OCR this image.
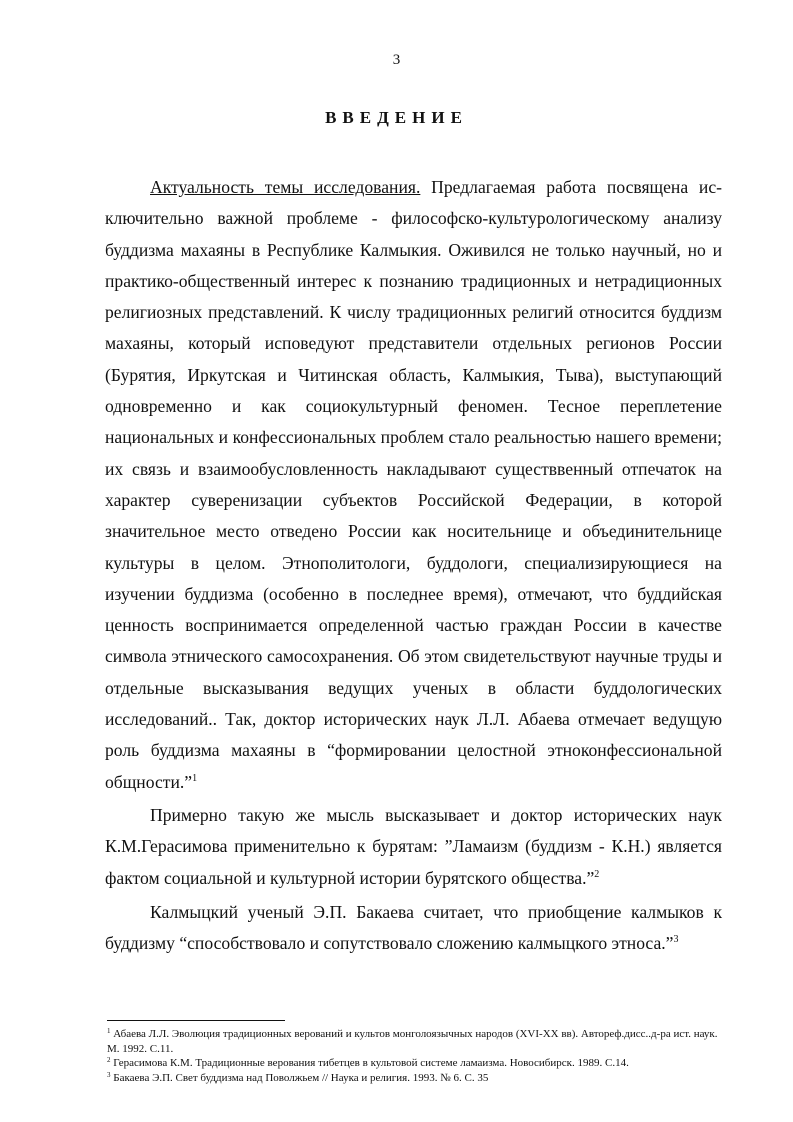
3
ВВЕДЕНИЕ

Актуальность темы исследования. Предлагаемая работа посвящена исключительно важной проблеме - философско-культурологическому анализу буддизма махаяны в Республике Калмыкия. Оживился не только научный, но и практико-общественный интерес к познанию традиционных и нетрадиционных религиозных представлений. К числу традиционных религий относится буддизм махаяны, который исповедуют представители отдельных регионов России (Бурятия, Иркутская и Читинская область, Калмыкия, Тыва), выступающий одновременно и как социокультурный феномен. Тесное переплетение национальных и конфессиональных проблем стало реальностью нашего времени; их связь и взаимообусловленность накладывают существвенный отпечаток на характер суверенизации субъектов Российской Федерации, в которой значительное место отведено России как носительнице и объединительнице культуры в целом. Этнополитологи, буддологи, специализирующиеся на изучении буддизма (особенно в последнее время), отмечают, что буддийская ценность воспринимается определенной частью граждан России в качестве символа этнического самосохранения. Об этом свидетельствуют научные труды и отдельные высказывания ведущих ученых в области буддологических исследований.. Так, доктор исторических наук Л.Л. Абаева отмечает ведущую роль буддизма махаяны в “формировании целостной этноконфессиональной общности.”$^1$

Примерно такую же мысль высказывает и доктор исторических наук К.М.Герасимова применительно к бурятам: ”Ламаизм (буддизм - К.Н.) является фактом социальной и культурной истории бурятского общества.”$^2$

Калмыцкий ученый Э.П. Бакаева считает, что приобщение калмыков к буддизму “способствовало и сопутствовало сложению калмыцкого этноса.”$^3$

$^1$ Абаева Л.Л. Эволюция традиционных верований и культов монголоязычных народов (XVI-XX вв). Автореф.дисс..д-ра ист. наук. М. 1992. С.11.

$^2$ Герасимова К.М. Традиционные верования тибетцев в культовой системе ламаизма. Новосибирск. 1989. С.14.

$^3$ Бакаева Э.П. Свет буддизма над Поволжьем // Наука и религия. 1993. № 6. С. 35
